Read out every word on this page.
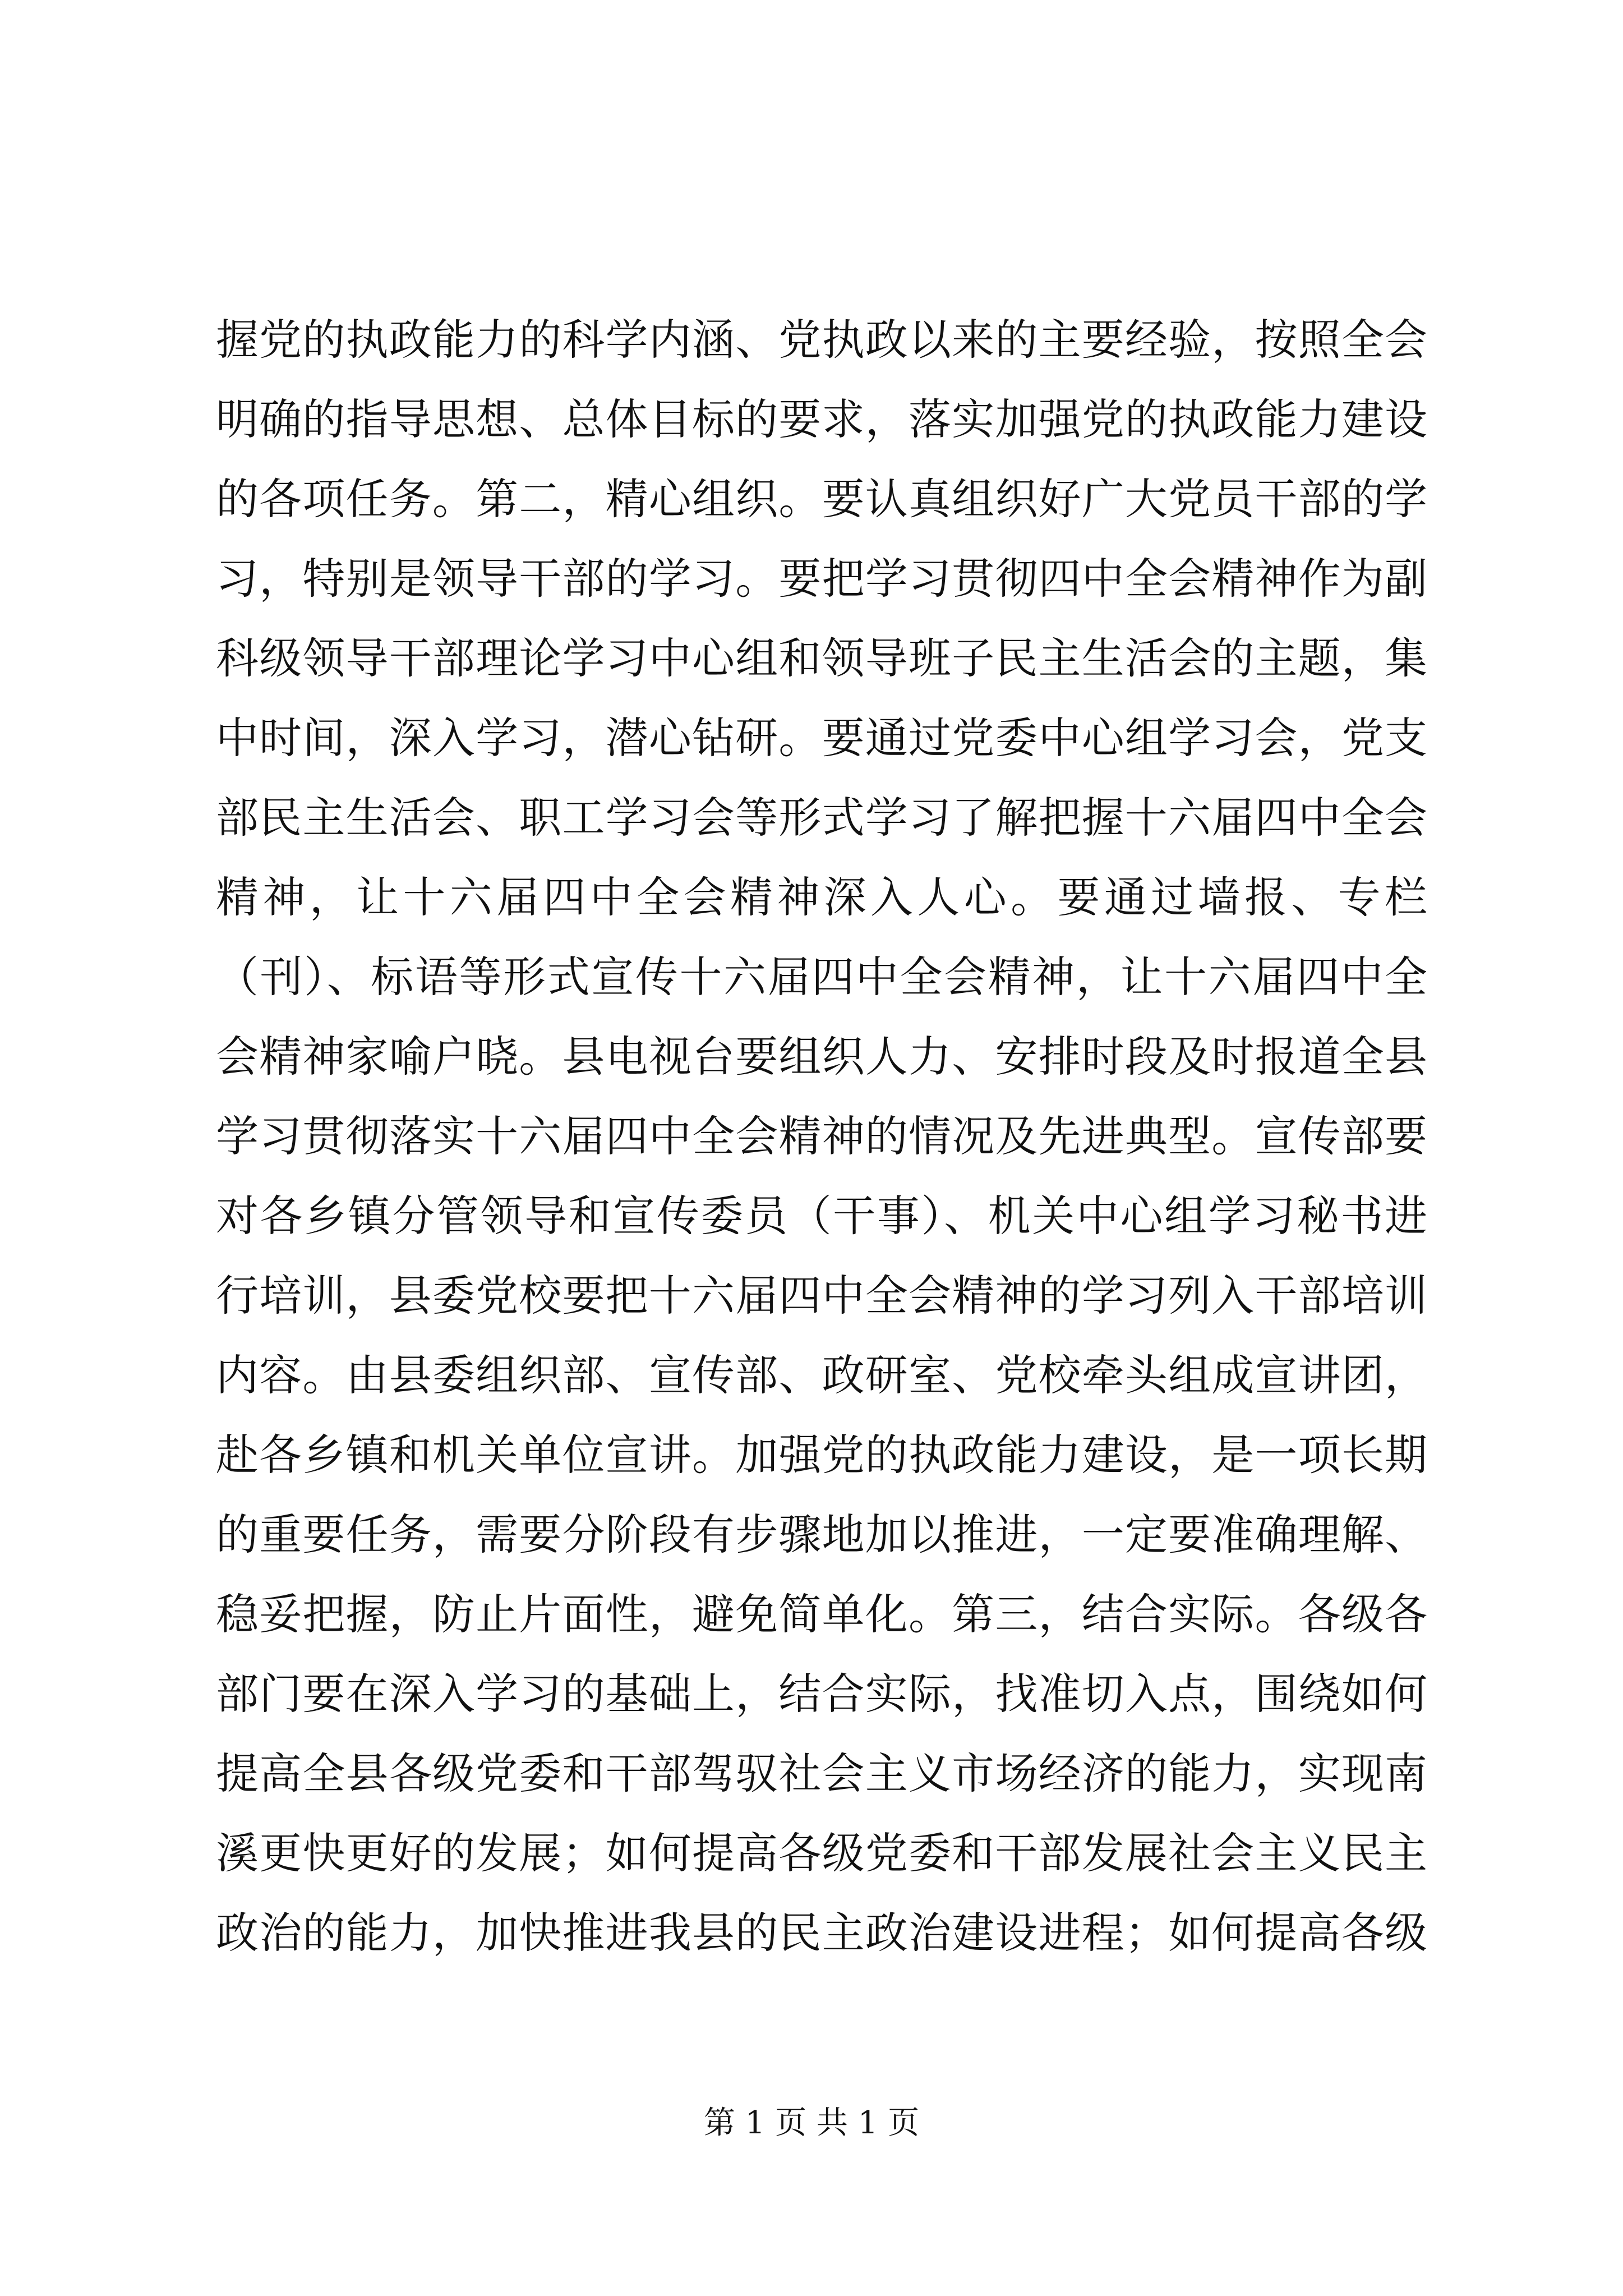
握党的执政能力的科学内涵、党执政以来的主要经验，按照全会
明确的指导思想、总体目标的要求，落实加强党的执政能力建设
的各项任务。第二，精心组织。要认真组织好广大党员干部的学
习，特别是领导干部的学习。要把学习贯彻四中全会精神作为副
科级领导干部理论学习中心组和领导班子民主生活会的主题，集
中时间，深入学习，潜心钻研。要通过党委中心组学习会，党支
部民主生活会、职工学习会等形式学习了解把握十六届四中全会
精神，让十六届四中全会精神深入人心。要通过墙报、专栏
（刊）、标语等形式宣传十六届四中全会精神，让十六届四中全
会精神家喻户晓。县电视台要组织人力、安排时段及时报道全县
学习贯彻落实十六届四中全会精神的情况及先进典型。宣传部要
对各乡镇分管领导和宣传委员（干事）、机关中心组学习秘书进
行培训，县委党校要把十六届四中全会精神的学习列入干部培训
内容。由县委组织部、宣传部、政研室、党校牵头组成宣讲团，
赴各乡镇和机关单位宣讲。加强党的执政能力建设，是一项长期
的重要任务，需要分阶段有步骤地加以推进，一定要准确理解、
稳妥把握，防止片面性，避免简单化。第三，结合实际。各级各
部门要在深入学习的基础上，结合实际，找准切入点，围绕如何
提高全县各级党委和干部驾驭社会主义市场经济的能力，实现南
溪更快更好的发展；如何提高各级党委和干部发展社会主义民主
政治的能力，加快推进我县的民主政治建设进程；如何提高各级
第 1 页 共 1 页
